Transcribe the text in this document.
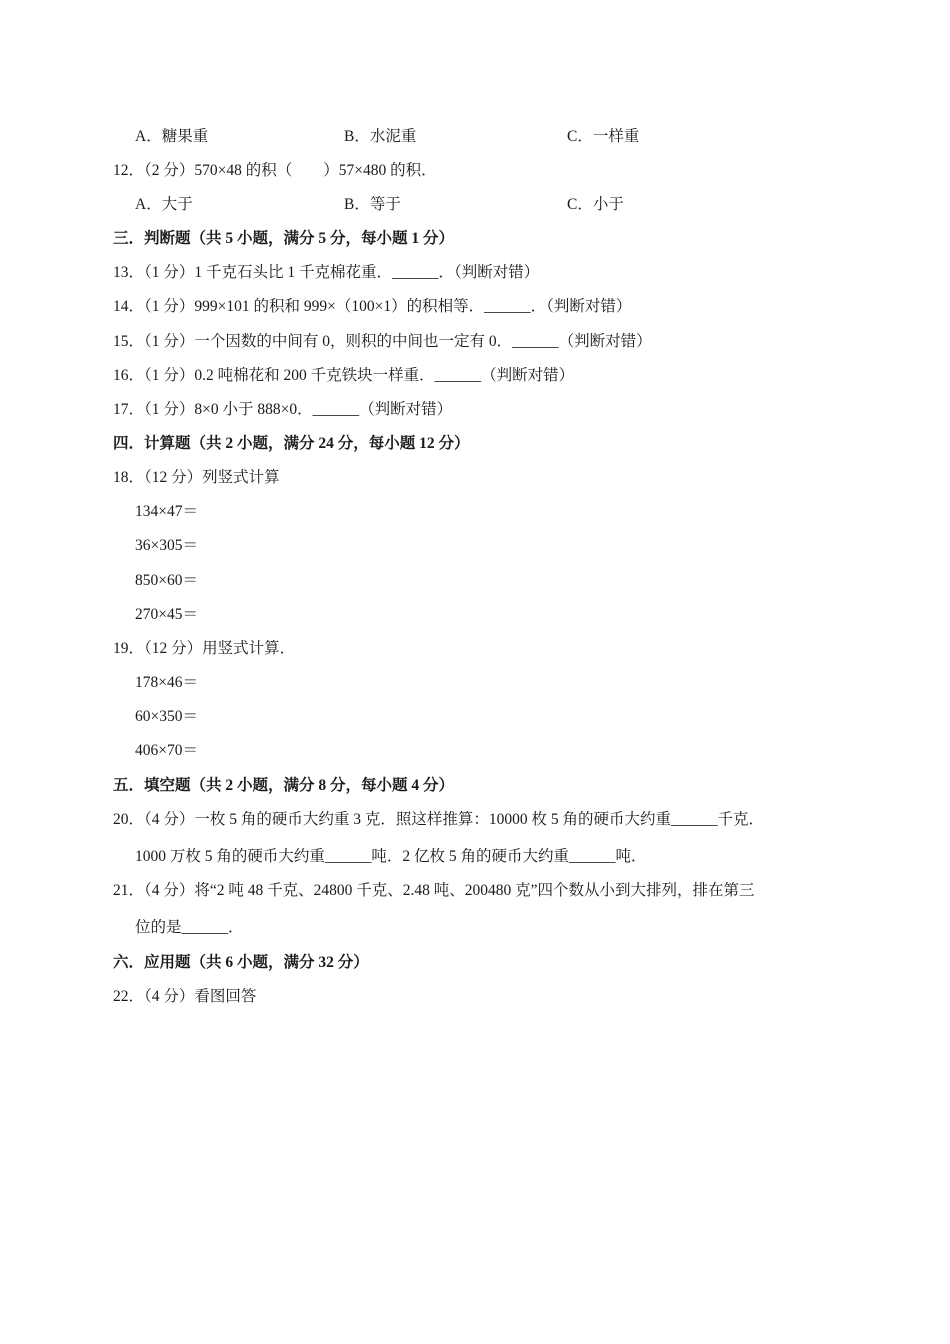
A．糖果重	B．水泥重	C．一样重
12．（2 分）570×48 的积（　　）57×480 的积．
A．大于	B．等于	C．小于
三．判断题（共 5 小题，满分 5 分，每小题 1 分）
13．（1 分）1 千克石头比 1 千克棉花重．______．（判断对错）
14．（1 分）999×101 的积和 999×（100×1）的积相等．______．（判断对错）
15．（1 分）一个因数的中间有 0，则积的中间也一定有 0．______（判断对错）
16．（1 分）0.2 吨棉花和 200 千克铁块一样重．______（判断对错）
17．（1 分）8×0 小于 888×0．______（判断对错）
四．计算题（共 2 小题，满分 24 分，每小题 12 分）
18．（12 分）列竖式计算
134×47＝
36×305＝
850×60＝
270×45＝
19．（12 分）用竖式计算．
178×46＝
60×350＝
406×70＝
五．填空题（共 2 小题，满分 8 分，每小题 4 分）
20．（4 分）一枚 5 角的硬币大约重 3 克．照这样推算：10000 枚 5 角的硬币大约重______千克．
1000 万枚 5 角的硬币大约重______吨．2 亿枚 5 角的硬币大约重______吨．
21．（4 分）将“2 吨 48 千克、24800 千克、2.48 吨、200480 克”四个数从小到大排列，排在第三
位的是______．
六．应用题（共 6 小题，满分 32 分）
22．（4 分）看图回答
